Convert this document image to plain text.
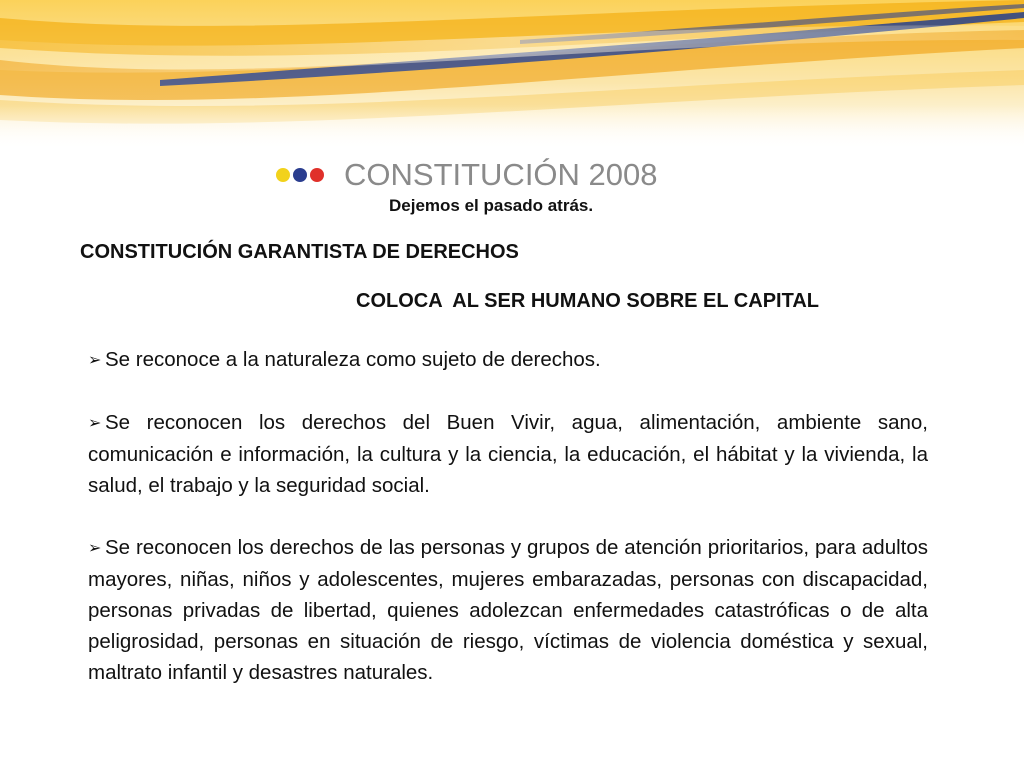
CONSTITUCIÓN 2008
Dejemos el pasado atrás.
CONSTITUCIÓN GARANTISTA DE DERECHOS
COLOCA  AL SER HUMANO SOBRE EL CAPITAL

➢ Se reconoce a la naturaleza como sujeto de derechos.

➢ Se reconocen los derechos del Buen Vivir, agua, alimentación, ambiente sano, comunicación e información, la cultura y la ciencia, la educación, el hábitat y la vivienda, la salud, el trabajo y la seguridad social.

➢ Se reconocen los derechos de las personas y grupos de atención prioritarios, para adultos mayores, niñas, niños y adolescentes, mujeres embarazadas, personas con discapacidad, personas privadas de libertad, quienes adolezcan enfermedades catastróficas o de alta peligrosidad, personas en situación de riesgo, víctimas de violencia doméstica y sexual, maltrato infantil y desastres naturales.
